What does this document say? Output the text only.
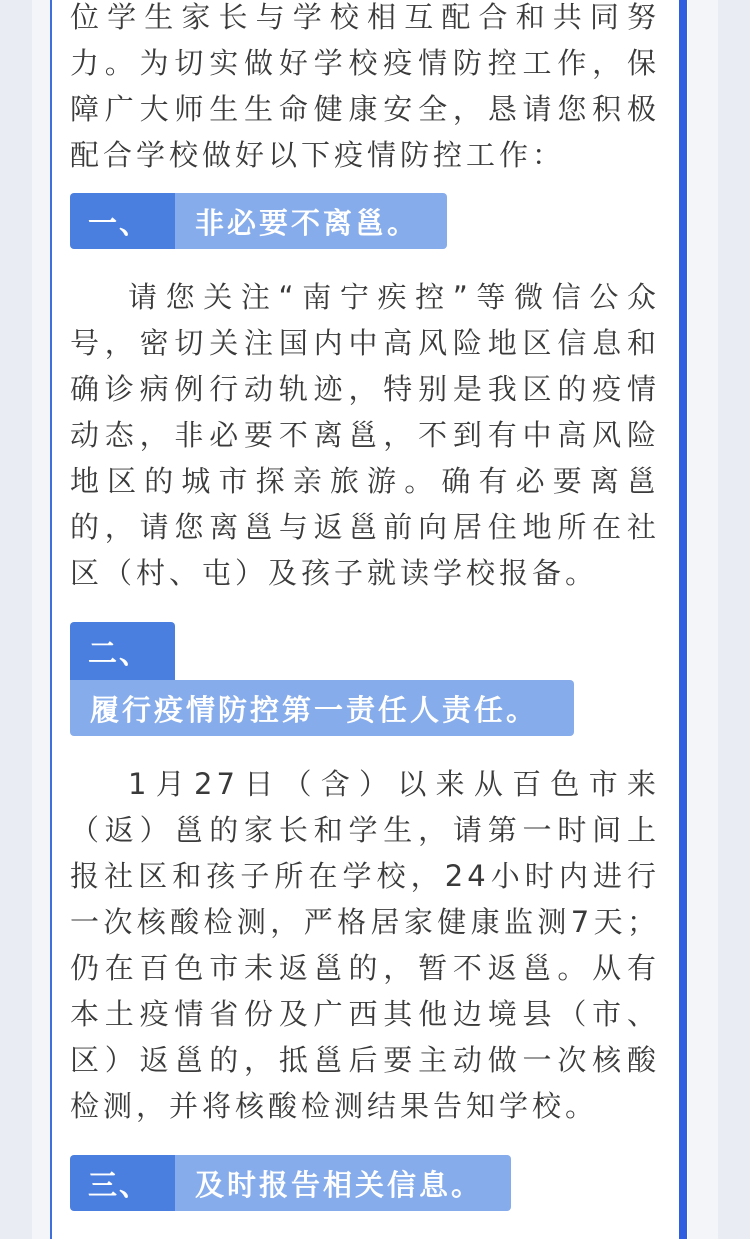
位学生家长与学校相互配合和共同努力。为切实做好学校疫情防控工作，保障广大师生生命健康安全，恳请您积极配合学校做好以下疫情防控工作：

一、	非必要不离邕。

请您关注“南宁疾控”等微信公众号，密切关注国内中高风险地区信息和确诊病例行动轨迹，特别是我区的疫情动态，非必要不离邕，不到有中高风险地区的城市探亲旅游。确有必要离邕的，请您离邕与返邕前向居住地所在社区（村、屯）及孩子就读学校报备。

二、
履行疫情防控第一责任人责任。

1月27日（含）以来从百色市来（返）邕的家长和学生，请第一时间上报社区和孩子所在学校，24小时内进行一次核酸检测，严格居家健康监测7天；仍在百色市未返邕的，暂不返邕。从有本土疫情省份及广西其他边境县（市、区）返邕的，抵邕后要主动做一次核酸检测，并将核酸检测结果告知学校。

三、	及时报告相关信息。
